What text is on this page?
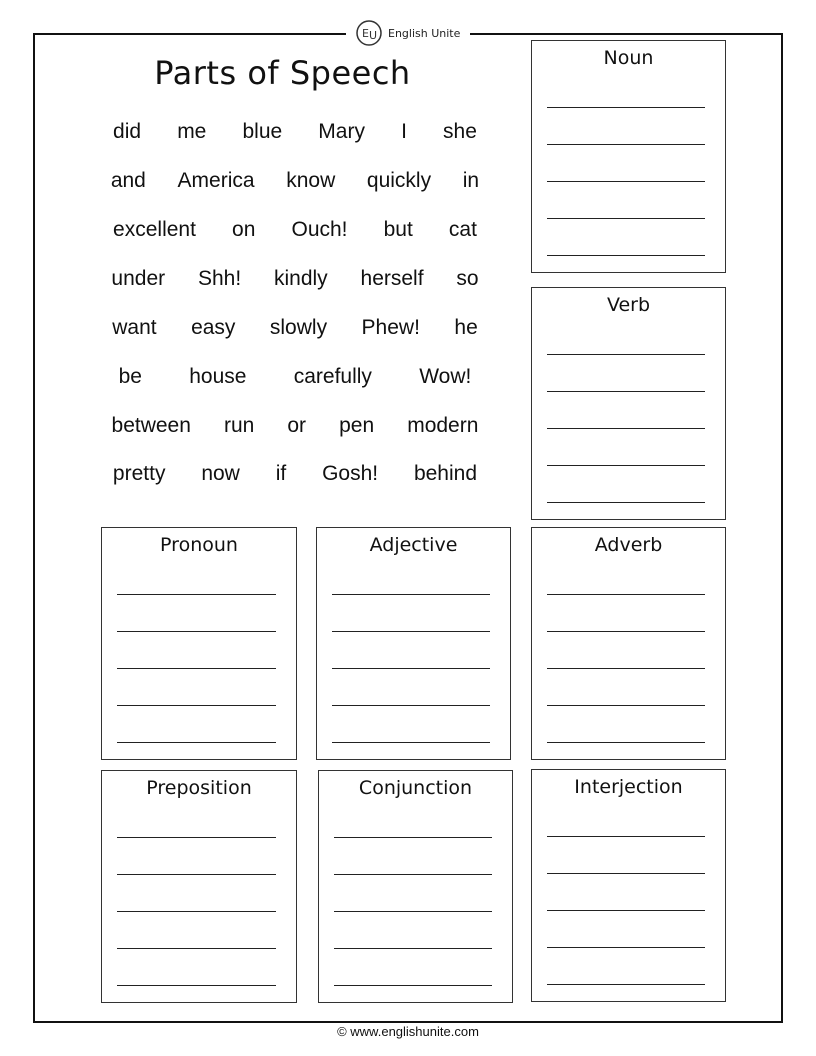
E U English Unite
Parts of Speech
did me blue Mary I she
and America know quickly in
excellent on Ouch! but cat
under Shh! kindly herself so
want easy slowly Phew! he
be house carefully Wow!
between run or pen modern
pretty now if Gosh! behind
Noun
Verb
Pronoun	Adjective	Adverb
Preposition	Conjunction	Interjection
© www.englishunite.com
